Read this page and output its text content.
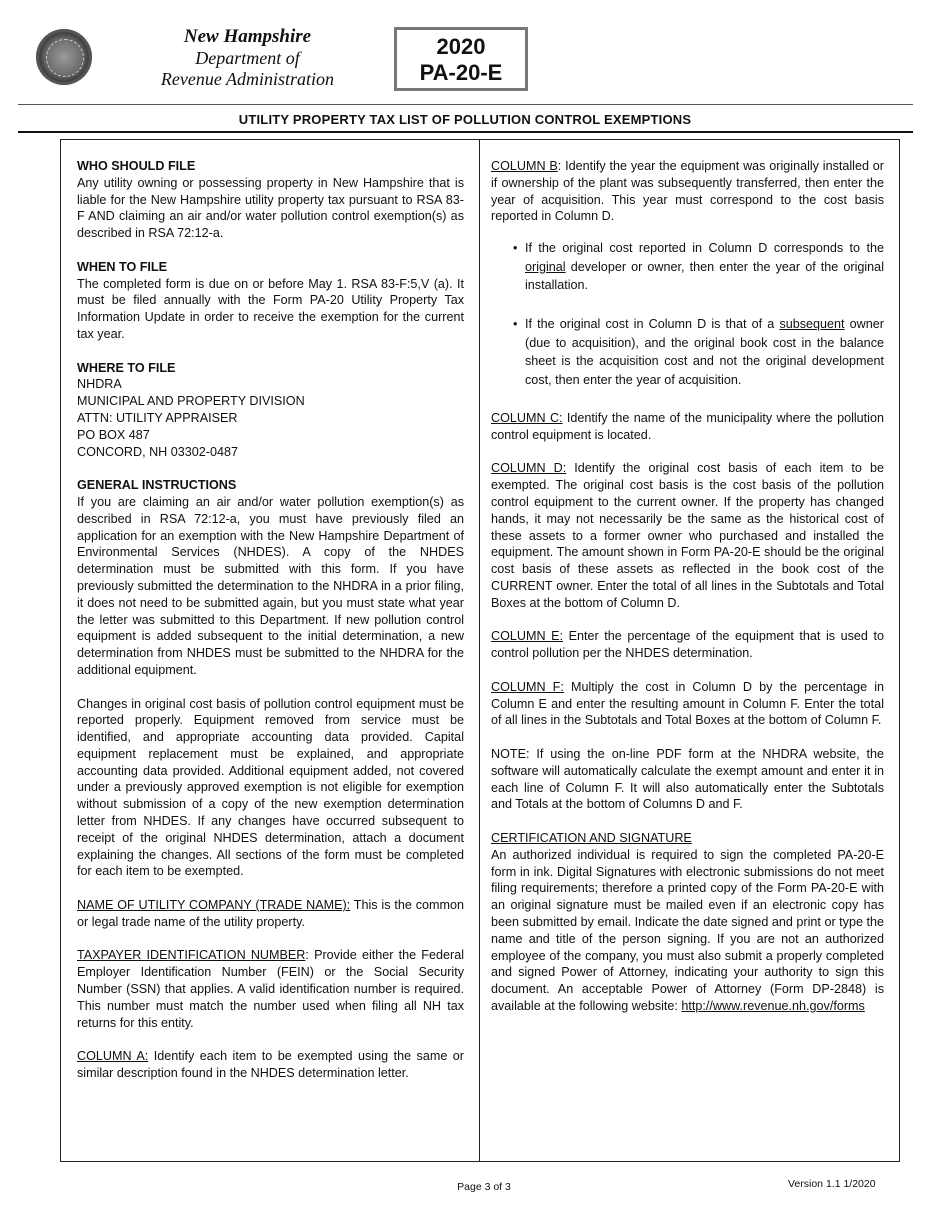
New Hampshire
Department of
Revenue Administration
2020
PA-20-E
UTILITY PROPERTY TAX LIST OF POLLUTION CONTROL EXEMPTIONS
WHO SHOULD FILE
Any utility owning or possessing property in New Hampshire that is liable for the New Hampshire utility property tax pursuant to RSA 83-F AND claiming an air and/or water pollution control exemption(s) as described in RSA 72:12-a.
WHEN TO FILE
The completed form is due on or before May 1. RSA 83-F:5,V (a). It must be filed annually with the Form PA-20 Utility Property Tax Information Update in order to receive the exemption for the current tax year.
WHERE TO FILE
NHDRA
MUNICIPAL AND PROPERTY DIVISION
ATTN: UTILITY APPRAISER
PO BOX 487
CONCORD, NH 03302-0487
GENERAL INSTRUCTIONS
If you are claiming an air and/or water pollution exemption(s) as described in RSA 72:12-a, you must have previously filed an application for an exemption with the New Hampshire Department of Environmental Services (NHDES). A copy of the NHDES determination must be submitted with this form. If you have previously submitted the determination to the NHDRA in a prior filing, it does not need to be submitted again, but you must state what year the letter was submitted to this Department. If new pollution control equipment is added subsequent to the initial determination, a new determination from NHDES must be submitted to the NHDRA for the additional equipment.
Changes in original cost basis of pollution control equipment must be reported properly. Equipment removed from service must be identified, and appropriate accounting data provided. Capital equipment replacement must be explained, and appropriate accounting data provided. Additional equipment added, not covered under a previously approved exemption is not eligible for exemption without submission of a copy of the new exemption determination letter from NHDES. If any changes have occurred subsequent to receipt of the original NHDES determination, attach a document explaining the changes. All sections of the form must be completed for each item to be exempted.
NAME OF UTILITY COMPANY (TRADE NAME): This is the common or legal trade name of the utility property.
TAXPAYER IDENTIFICATION NUMBER: Provide either the Federal Employer Identification Number (FEIN) or the Social Security Number (SSN) that applies. A valid identification number is required. This number must match the number used when filing all NH tax returns for this entity.
COLUMN A: Identify each item to be exempted using the same or similar description found in the NHDES determination letter.
COLUMN B: Identify the year the equipment was originally installed or if ownership of the plant was subsequently transferred, then enter the year of acquisition. This year must correspond to the cost basis reported in Column D.
• If the original cost reported in Column D corresponds to the original developer or owner, then enter the year of the original installation.
• If the original cost in Column D is that of a subsequent owner (due to acquisition), and the original book cost in the balance sheet is the acquisition cost and not the original development cost, then enter the year of acquisition.
COLUMN C: Identify the name of the municipality where the pollution control equipment is located.
COLUMN D: Identify the original cost basis of each item to be exempted. The original cost basis is the cost basis of the pollution control equipment to the current owner. If the property has changed hands, it may not necessarily be the same as the historical cost of these assets to a former owner who purchased and installed the equipment. The amount shown in Form PA-20-E should be the original cost basis of these assets as reflected in the book cost of the CURRENT owner. Enter the total of all lines in the Subtotals and Total Boxes at the bottom of Column D.
COLUMN E: Enter the percentage of the equipment that is used to control pollution per the NHDES determination.
COLUMN F: Multiply the cost in Column D by the percentage in Column E and enter the resulting amount in Column F. Enter the total of all lines in the Subtotals and Total Boxes at the bottom of Column F.
NOTE: If using the on-line PDF form at the NHDRA website, the software will automatically calculate the exempt amount and enter it in each line of Column F. It will also automatically enter the Subtotals and Totals at the bottom of Columns D and F.
CERTIFICATION AND SIGNATURE
An authorized individual is required to sign the completed PA-20-E form in ink. Digital Signatures with electronic submissions do not meet filing requirements; therefore a printed copy of the Form PA-20-E with an original signature must be mailed even if an electronic copy has been submitted by email. Indicate the date signed and print or type the name and title of the person signing. If you are not an authorized employee of the company, you must also submit a properly completed and signed Power of Attorney, indicating your authority to sign this document. An acceptable Power of Attorney (Form DP-2848) is available at the following website: http://www.revenue.nh.gov/forms
Page 3 of 3	Version 1.1 1/2020
